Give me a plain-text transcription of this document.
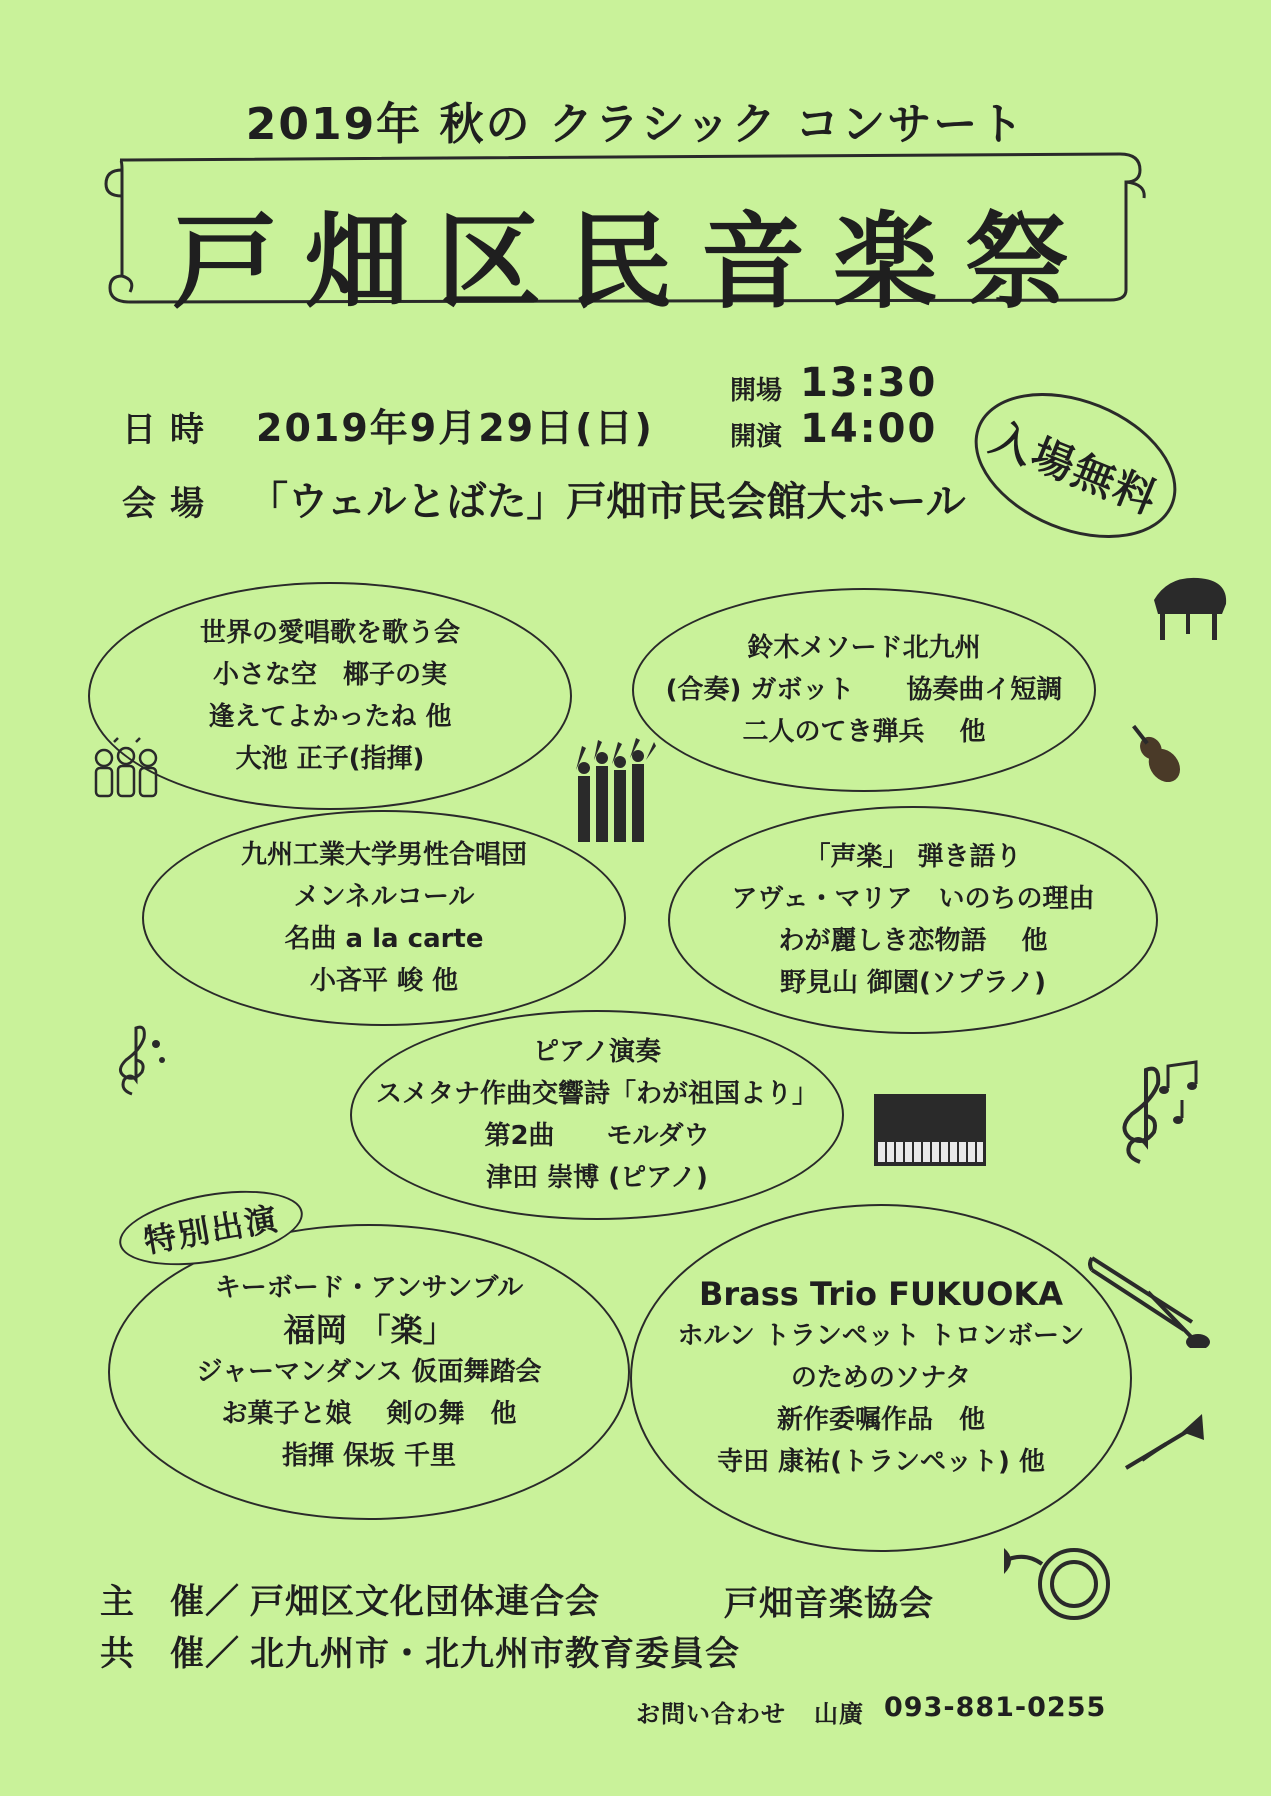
2019年 秋の クラシック コンサート
戸畑区民音楽祭
日時 2019年9月29日(日)
開場 13:30
開演 14:00
会場 「ウェルとばた」戸畑市民会館大ホール 入場無料
世界の愛唱歌を歌う会
小さな空　椰子の実
逢えてよかったね 他
大池 正子(指揮)
鈴木メソード北九州
(合奏) ガボット　　協奏曲イ短調
二人のてき弾兵　 他
九州工業大学男性合唱団
メンネルコール
名曲 a la carte
小吝平 峻 他
「声楽」 弾き語り
アヴェ・マリア　いのちの理由
わが麗しき恋物語　 他
野見山 御園(ソプラノ)
ピアノ演奏
スメタナ作曲交響詩「わが祖国より」
第2曲　　モルダウ
津田 崇博 (ピアノ)
キーボード・アンサンブル
福岡 「楽」
ジャーマンダンス 仮面舞踏会
お菓子と娘　 剣の舞　他
指揮 保坂 千里
特別出演
Brass Trio FUKUOKA
ホルン トランペット トロンボーン
のためのソナタ
新作委嘱作品　他
寺田 康祐(トランペット) 他
主　催／ 戸畑区文化団体連合会	戸畑音楽協会
共　催／ 北九州市・北九州市教育委員会
お問い合わせ 山廣 093-881-0255
